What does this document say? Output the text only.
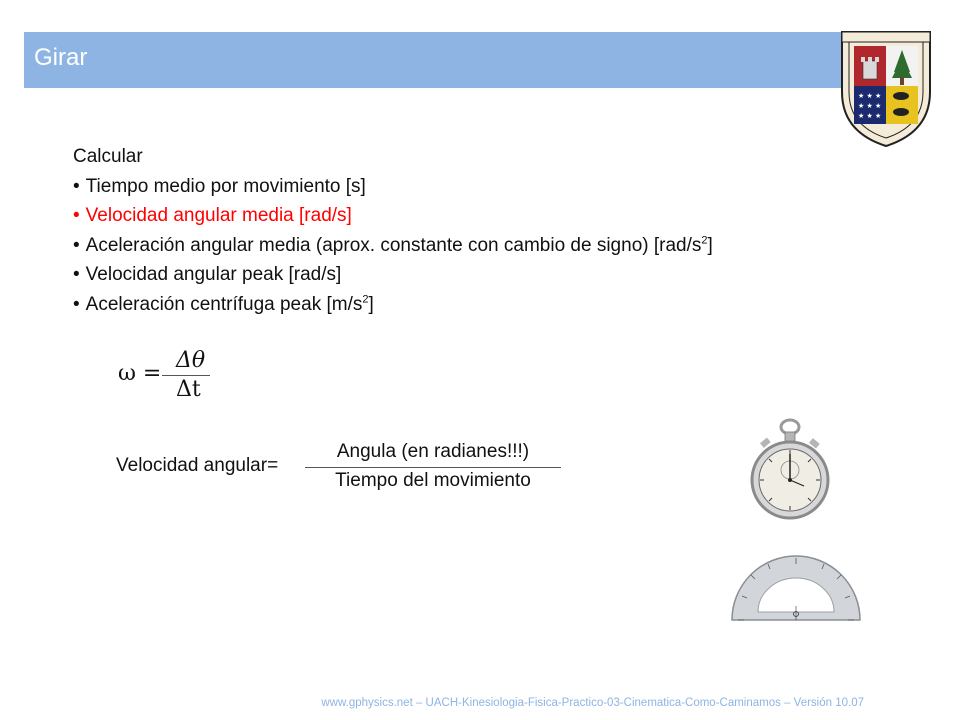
Girar
★ ★ ★
★ ★ ★
★ ★ ★
Calcular
• Tiempo medio por movimiento [s]
• Velocidad angular media [rad/s]
• Aceleración angular media (aprox. constante con cambio de signo) $[rad/s^2]$
• Velocidad angular peak [rad/s]
• Aceleración centrífuga peak $[m/s^2]$
ω =
Δθ
Δt
Velocidad angular=
Angula (en radianes!!!)
Tiempo del movimiento
www.gphysics.net – UACH-Kinesiologia-Fisica-Practico-03-Cinematica-Como-Caminamos – Versión 10.07
